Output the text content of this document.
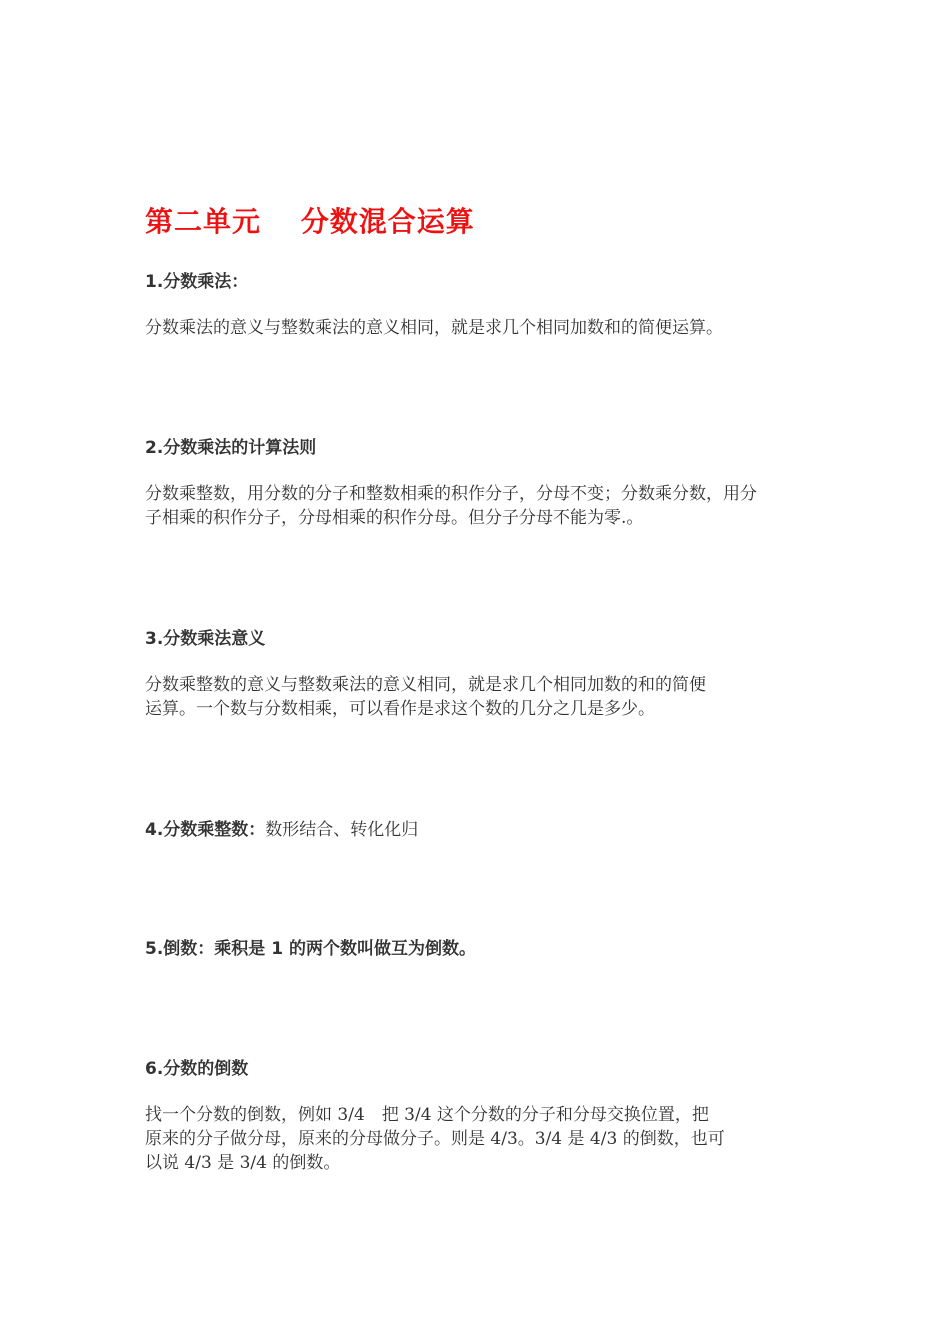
第二单元　 分数混合运算
1.分数乘法：
分数乘法的意义与整数乘法的意义相同，就是求几个相同加数和的简便运算。
2.分数乘法的计算法则
分数乘整数，用分数的分子和整数相乘的积作分子，分母不变；分数乘分数，用分
子相乘的积作分子，分母相乘的积作分母。但分子分母不能为零.。
3.分数乘法意义
分数乘整数的意义与整数乘法的意义相同，就是求几个相同加数的和的简便
运算。一个数与分数相乘，可以看作是求这个数的几分之几是多少。
4.分数乘整数：数形结合、转化化归
5.倒数：乘积是 1 的两个数叫做互为倒数。
6.分数的倒数
找一个分数的倒数，例如 3/4　把 3/4 这个分数的分子和分母交换位置，把
原来的分子做分母，原来的分母做分子。则是 4/3。3/4 是 4/3 的倒数，也可
以说 4/3 是 3/4 的倒数。
